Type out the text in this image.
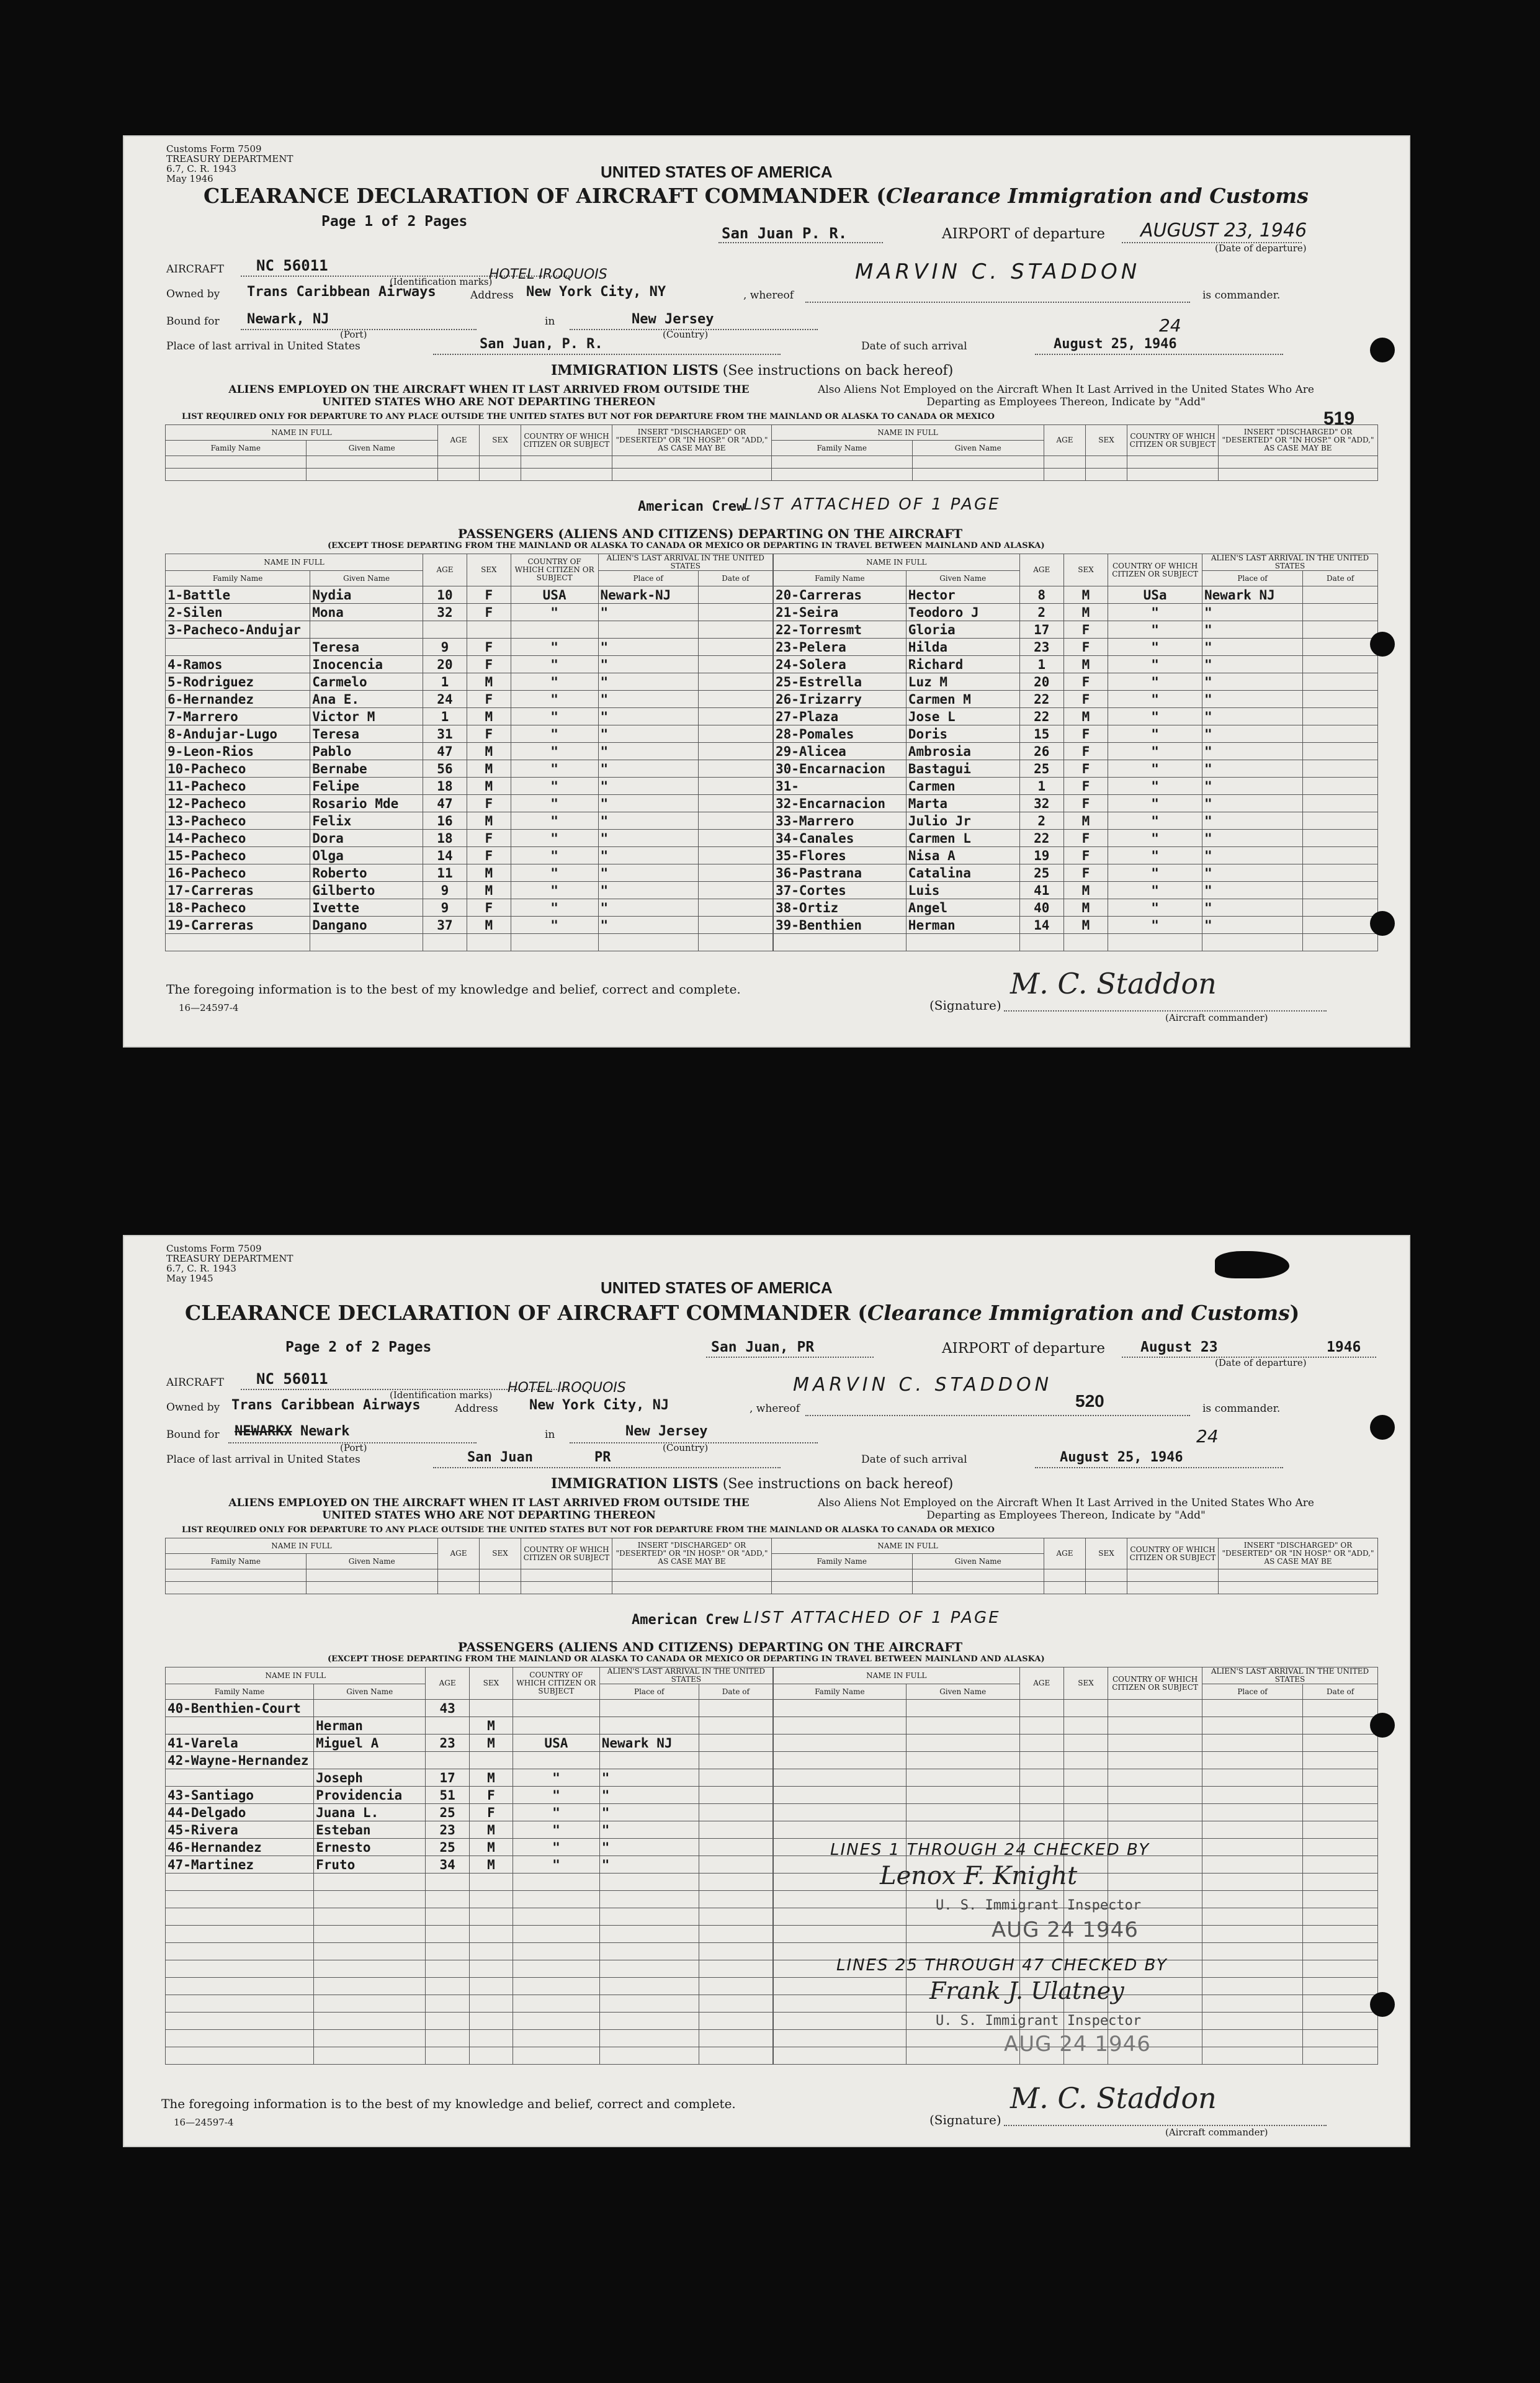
Customs Form 7509
TREASURY DEPARTMENT
6.7, C. R. 1943
May 1946	UNITED STATES OF AMERICA
CLEARANCE DECLARATION OF AIRCRAFT COMMANDER (Clearance Immigration and Customs
Page 1 of 2 Pages
San Juan P. R.	AIRPORT of departure AUGUST 23, 1946
(Date of departure)
AIRCRAFT NC 56011
(Identification marks)
Owned by Trans Caribbean Airways	Address
HOTEL IROQUOIS
New York City, NY	, whereof
MARVIN C. STADDON
is commander.
Bound for Newark, NJ
(Port)
in	New Jersey
(Country)	24
Place of last arrival in United States	San Juan, P. R.	Date of such arrival	August 25, 1946
IMMIGRATION LISTS (See instructions on back hereof)
ALIENS EMPLOYED ON THE AIRCRAFT WHEN IT LAST ARRIVED FROM OUTSIDE THE UNITED STATES WHO ARE NOT DEPARTING THEREON
Also Aliens Not Employed on the Aircraft When It Last Arrived in the United States Who Are Departing as Employees Thereon, Indicate by "Add"
LIST REQUIRED ONLY FOR DEPARTURE TO ANY PLACE OUTSIDE THE UNITED STATES BUT NOT FOR DEPARTURE FROM THE MAINLAND OR ALASKA TO CANADA OR MEXICO	519
NAME IN FULL		AGE	SEX	COUNTRY OF WHICH CITIZEN OR SUBJECT	INSERT "DISCHARGED" OR "DESERTED" OR "IN HOSP." OR "ADD," AS CASE MAY BE	NAME IN FULL		AGE	SEX	COUNTRY OF WHICH CITIZEN OR SUBJECT	INSERT "DISCHARGED" OR "DESERTED" OR "IN HOSP." OR "ADD," AS CASE MAY BE
Family Name	Given Name					Family Name	Given Name				

American Crew
LIST ATTACHED OF 1 PAGE
PASSENGERS (ALIENS AND CITIZENS) DEPARTING ON THE AIRCRAFT
(EXCEPT THOSE DEPARTING FROM THE MAINLAND OR ALASKA TO CANADA OR MEXICO OR DEPARTING IN TRAVEL BETWEEN MAINLAND AND ALASKA)
NAME IN FULL		AGE	SEX	COUNTRY OF WHICH CITIZEN OR SUBJECT	ALIEN'S LAST ARRIVAL IN THE UNITED STATES	
Family Name	Given Name				Place of	Date of
1-Battle	Nydia	10	F	USA	Newark-NJ	
2-Silen	Mona	32	F	"	"	
3-Pacheco-Andujar						
	Teresa	9	F	"	"	
4-Ramos	Inocencia	20	F	"	"	
5-Rodriguez	Carmelo	1	M	"	"	
6-Hernandez	Ana E.	24	F	"	"	
7-Marrero	Victor M	1	M	"	"	
8-Andujar-Lugo	Teresa	31	F	"	"	
9-Leon-Rios	Pablo	47	M	"	"	
10-Pacheco	Bernabe	56	M	"	"	
11-Pacheco	Felipe	18	M	"	"	
12-Pacheco	Rosario Mde	47	F	"	"	
13-Pacheco	Felix	16	M	"	"	
14-Pacheco	Dora	18	F	"	"	
15-Pacheco	Olga	14	F	"	"	
16-Pacheco	Roberto	11	M	"	"	
17-Carreras	Gilberto	9	M	"	"	
18-Pacheco	Ivette	9	F	"	"	
19-Carreras	Dangano	37	M	"	"	

NAME IN FULL		AGE	SEX	COUNTRY OF WHICH CITIZEN OR SUBJECT	ALIEN'S LAST ARRIVAL IN THE UNITED STATES	
Family Name	Given Name				Place of	Date of
20-Carreras	Hector	8	M	USa	Newark NJ	
21-Seira	Teodoro J	2	M	"	"	
22-Torresmt	Gloria	17	F	"	"	
23-Pelera	Hilda	23	F	"	"	
24-Solera	Richard	1	M	"	"	
25-Estrella	Luz M	20	F	"	"	
26-Irizarry	Carmen M	22	F	"	"	
27-Plaza	Jose L	22	M	"	"	
28-Pomales	Doris	15	F	"	"	
29-Alicea	Ambrosia	26	F	"	"	
30-Encarnacion	Bastagui	25	F	"	"	
31-	Carmen	1	F	"	"	
32-Encarnacion	Marta	32	F	"	"	
33-Marrero	Julio Jr	2	M	"	"	
34-Canales	Carmen L	22	F	"	"	
35-Flores	Nisa A	19	F	"	"	
36-Pastrana	Catalina	25	F	"	"	
37-Cortes	Luis	41	M	"	"	
38-Ortiz	Angel	40	M	"	"	
39-Benthien	Herman	14	M	"	"	

The foregoing information is to the best of my knowledge and belief, correct and complete.
16—24597-4	(Signature)
M. C. Staddon
(Aircraft commander)
Customs Form 7509
TREASURY DEPARTMENT
6.7, C. R. 1943
May 1945	UNITED STATES OF AMERICA
CLEARANCE DECLARATION OF AIRCRAFT COMMANDER (Clearance Immigration and Customs)
Page 2 of 2 Pages	San Juan, PR	AIRPORT of departure August 23	1946
(Date of departure)
AIRCRAFT NC 56011
(Identification marks)
Owned by Trans Caribbean Airways	Address
HOTEL IROQUOIS
New York City, NJ	, whereof
MARVIN C. STADDON
520	is commander.
Bound for NEWARKX Newark
(Port)
in	New Jersey
(Country)
24
Place of last arrival in United States	San Juan	PR	Date of such arrival	August 25, 1946
IMMIGRATION LISTS (See instructions on back hereof)
ALIENS EMPLOYED ON THE AIRCRAFT WHEN IT LAST ARRIVED FROM OUTSIDE THE UNITED STATES WHO ARE NOT DEPARTING THEREON
Also Aliens Not Employed on the Aircraft When It Last Arrived in the United States Who Are Departing as Employees Thereon, Indicate by "Add"
LIST REQUIRED ONLY FOR DEPARTURE TO ANY PLACE OUTSIDE THE UNITED STATES BUT NOT FOR DEPARTURE FROM THE MAINLAND OR ALASKA TO CANADA OR MEXICO
NAME IN FULL		AGE	SEX	COUNTRY OF WHICH CITIZEN OR SUBJECT	INSERT "DISCHARGED" OR "DESERTED" OR "IN HOSP." OR "ADD," AS CASE MAY BE	NAME IN FULL		AGE	SEX	COUNTRY OF WHICH CITIZEN OR SUBJECT	INSERT "DISCHARGED" OR "DESERTED" OR "IN HOSP." OR "ADD," AS CASE MAY BE
Family Name	Given Name					Family Name	Given Name				

American Crew LIST ATTACHED OF 1 PAGE
PASSENGERS (ALIENS AND CITIZENS) DEPARTING ON THE AIRCRAFT
(EXCEPT THOSE DEPARTING FROM THE MAINLAND OR ALASKA TO CANADA OR MEXICO OR DEPARTING IN TRAVEL BETWEEN MAINLAND AND ALASKA)
NAME IN FULL		AGE	SEX	COUNTRY OF WHICH CITIZEN OR SUBJECT	ALIEN'S LAST ARRIVAL IN THE UNITED STATES	
Family Name	Given Name				Place of	Date of
40-Benthien-Court		43				
	Herman		M			
41-Varela	Miguel A	23	M	USA	Newark NJ	
42-Wayne-Hernandez						
	Joseph	17	M	"	"	
43-Santiago	Providencia	51	F	"	"	
44-Delgado	Juana L.	25	F	"	"	
45-Rivera	Esteban	23	M	"	"	
46-Hernandez	Ernesto	25	M	"	"	
47-Martinez	Fruto	34	M	"	"	

NAME IN FULL		AGE	SEX	COUNTRY OF WHICH CITIZEN OR SUBJECT	ALIEN'S LAST ARRIVAL IN THE UNITED STATES	
Family Name	Given Name				Place of	Date of

LINES 1 THROUGH 24 CHECKED BY
Lenox F. Knight
U. S. Immigrant Inspector
AUG 24 1946
LINES 25 THROUGH 47 CHECKED BY
Frank J. Ulatney
U. S. Immigrant Inspector
AUG 24 1946
The foregoing information is to the best of my knowledge and belief, correct and complete.
16—24597-4	(Signature)
M. C. Staddon
(Aircraft commander)
